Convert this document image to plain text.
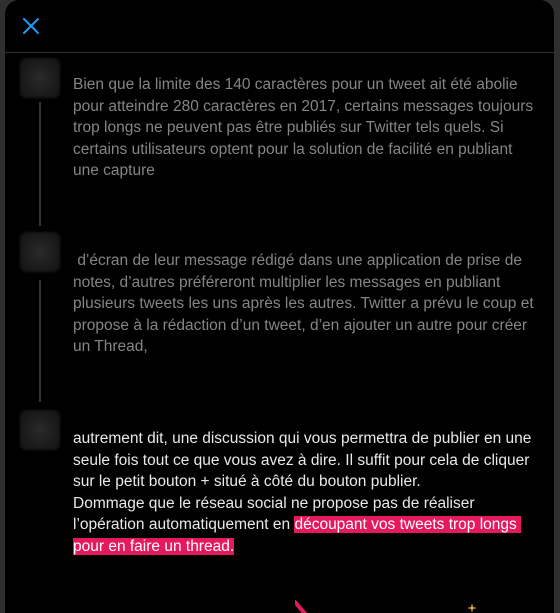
Bien que la limite des 140 caractères pour un tweet ait été abolie pour atteindre 280 caractères en 2017, certains messages toujours trop longs ne peuvent pas être publiés sur Twitter tels quels. Si certains utilisateurs optent pour la solution de facilité en publiant une capture
d’écran de leur message rédigé dans une application de prise de notes, d’autres préféreront multiplier les messages en publiant plusieurs tweets les uns après les autres. Twitter a prévu le coup et propose à la rédaction d’un tweet, d’en ajouter un autre pour créer un Thread,
autrement dit, une discussion qui vous permettra de publier en une seule fois tout ce que vous avez à dire. Il suffit pour cela de cliquer sur le petit bouton + situé à côté du bouton publier.
Dommage que le réseau social ne propose pas de réaliser l’opération automatiquement en découpant vos tweets trop longs pour en faire un thread.
